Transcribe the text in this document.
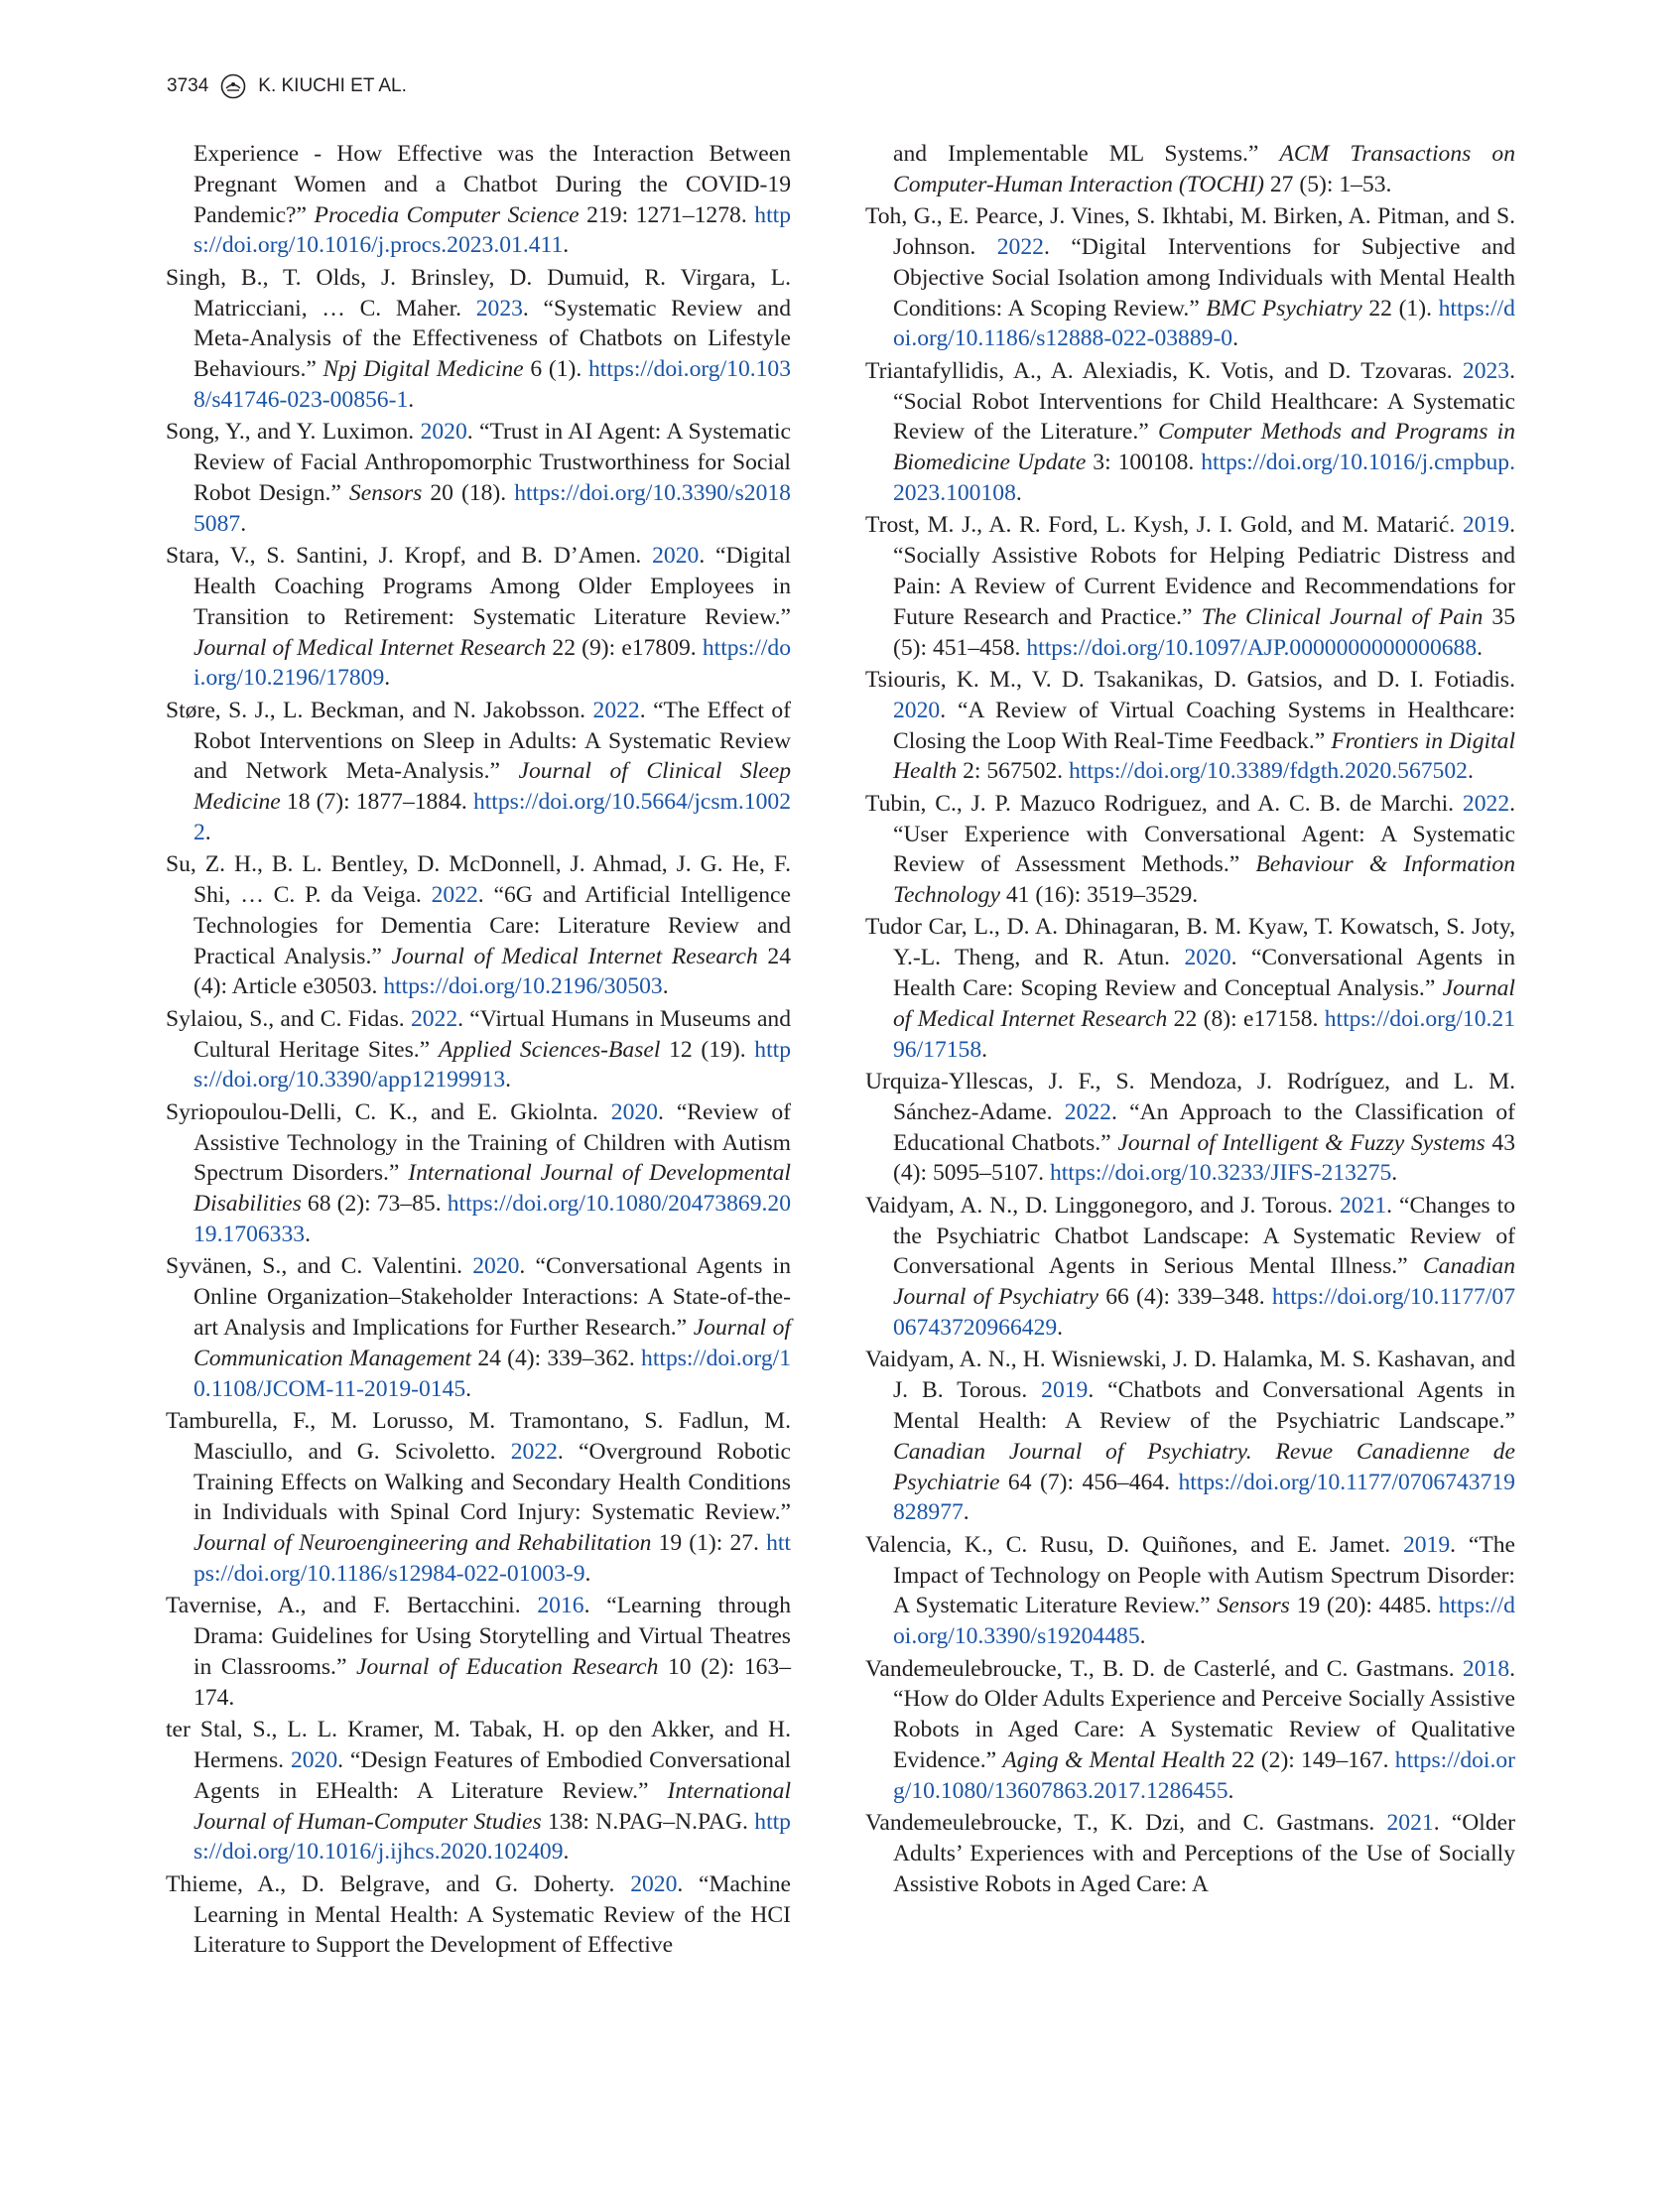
3734	K. KIUCHI ET AL.

Experience - How Effective was the Interaction Between Pregnant Women and a Chatbot During the COVID-19 Pandemic?” Procedia Computer Science 219: 1271–1278. https://doi.org/10.1016/j.procs.2023.01.411.

Singh, B., T. Olds, J. Brinsley, D. Dumuid, R. Virgara, L. Matricciani, … C. Maher. 2023. “Systematic Review and Meta-Analysis of the Effectiveness of Chatbots on Lifestyle Behaviours.” Npj Digital Medicine 6 (1). https://doi.org/10.1038/s41746-023-00856-1.

Song, Y., and Y. Luximon. 2020. “Trust in AI Agent: A Systematic Review of Facial Anthropomorphic Trustworthiness for Social Robot Design.” Sensors 20 (18). https://doi.org/10.3390/s20185087.

Stara, V., S. Santini, J. Kropf, and B. D’Amen. 2020. “Digital Health Coaching Programs Among Older Employees in Transition to Retirement: Systematic Literature Review.” Journal of Medical Internet Research 22 (9): e17809. https://doi.org/10.2196/17809.

Støre, S. J., L. Beckman, and N. Jakobsson. 2022. “The Effect of Robot Interventions on Sleep in Adults: A Systematic Review and Network Meta-Analysis.” Journal of Clinical Sleep Medicine 18 (7): 1877–1884. https://doi.org/10.5664/jcsm.10022.

Su, Z. H., B. L. Bentley, D. McDonnell, J. Ahmad, J. G. He, F. Shi, … C. P. da Veiga. 2022. “6G and Artificial Intelligence Technologies for Dementia Care: Literature Review and Practical Analysis.” Journal of Medical Internet Research 24 (4): Article e30503. https://doi.org/10.2196/30503.

Sylaiou, S., and C. Fidas. 2022. “Virtual Humans in Museums and Cultural Heritage Sites.” Applied Sciences-Basel 12 (19). https://doi.org/10.3390/app12199913.

Syriopoulou-Delli, C. K., and E. Gkiolnta. 2020. “Review of Assistive Technology in the Training of Children with Autism Spectrum Disorders.” International Journal of Developmental Disabilities 68 (2): 73–85. https://doi.org/10.1080/20473869.2019.1706333.

Syvänen, S., and C. Valentini. 2020. “Conversational Agents in Online Organization–Stakeholder Interactions: A State-of-the-art Analysis and Implications for Further Research.” Journal of Communication Management 24 (4): 339–362. https://doi.org/10.1108/JCOM-11-2019-0145.

Tamburella, F., M. Lorusso, M. Tramontano, S. Fadlun, M. Masciullo, and G. Scivoletto. 2022. “Overground Robotic Training Effects on Walking and Secondary Health Conditions in Individuals with Spinal Cord Injury: Systematic Review.” Journal of Neuroengineering and Rehabilitation 19 (1): 27. https://doi.org/10.1186/s12984-022-01003-9.

Tavernise, A., and F. Bertacchini. 2016. “Learning through Drama: Guidelines for Using Storytelling and Virtual Theatres in Classrooms.” Journal of Education Research 10 (2): 163–174.

ter Stal, S., L. L. Kramer, M. Tabak, H. op den Akker, and H. Hermens. 2020. “Design Features of Embodied Conversational Agents in EHealth: A Literature Review.” International Journal of Human-Computer Studies 138: N.PAG–N.PAG. https://doi.org/10.1016/j.ijhcs.2020.102409.

Thieme, A., D. Belgrave, and G. Doherty. 2020. “Machine Learning in Mental Health: A Systematic Review of the HCI Literature to Support the Development of Effective

and Implementable ML Systems.” ACM Transactions on Computer-Human Interaction (TOCHI) 27 (5): 1–53.

Toh, G., E. Pearce, J. Vines, S. Ikhtabi, M. Birken, A. Pitman, and S. Johnson. 2022. “Digital Interventions for Subjective and Objective Social Isolation among Individuals with Mental Health Conditions: A Scoping Review.” BMC Psychiatry 22 (1). https://doi.org/10.1186/s12888-022-03889-0.

Triantafyllidis, A., A. Alexiadis, K. Votis, and D. Tzovaras. 2023. “Social Robot Interventions for Child Healthcare: A Systematic Review of the Literature.” Computer Methods and Programs in Biomedicine Update 3: 100108. https://doi.org/10.1016/j.cmpbup.2023.100108.

Trost, M. J., A. R. Ford, L. Kysh, J. I. Gold, and M. Matarić. 2019. “Socially Assistive Robots for Helping Pediatric Distress and Pain: A Review of Current Evidence and Recommendations for Future Research and Practice.” The Clinical Journal of Pain 35 (5): 451–458. https://doi.org/10.1097/AJP.0000000000000688.

Tsiouris, K. M., V. D. Tsakanikas, D. Gatsios, and D. I. Fotiadis. 2020. “A Review of Virtual Coaching Systems in Healthcare: Closing the Loop With Real-Time Feedback.” Frontiers in Digital Health 2: 567502. https://doi.org/10.3389/fdgth.2020.567502.

Tubin, C., J. P. Mazuco Rodriguez, and A. C. B. de Marchi. 2022. “User Experience with Conversational Agent: A Systematic Review of Assessment Methods.” Behaviour & Information Technology 41 (16): 3519–3529.

Tudor Car, L., D. A. Dhinagaran, B. M. Kyaw, T. Kowatsch, S. Joty, Y.-L. Theng, and R. Atun. 2020. “Conversational Agents in Health Care: Scoping Review and Conceptual Analysis.” Journal of Medical Internet Research 22 (8): e17158. https://doi.org/10.2196/17158.

Urquiza-Yllescas, J. F., S. Mendoza, J. Rodríguez, and L. M. Sánchez-Adame. 2022. “An Approach to the Classification of Educational Chatbots.” Journal of Intelligent & Fuzzy Systems 43 (4): 5095–5107. https://doi.org/10.3233/JIFS-213275.

Vaidyam, A. N., D. Linggonegoro, and J. Torous. 2021. “Changes to the Psychiatric Chatbot Landscape: A Systematic Review of Conversational Agents in Serious Mental Illness.” Canadian Journal of Psychiatry 66 (4): 339–348. https://doi.org/10.1177/0706743720966429.

Vaidyam, A. N., H. Wisniewski, J. D. Halamka, M. S. Kashavan, and J. B. Torous. 2019. “Chatbots and Conversational Agents in Mental Health: A Review of the Psychiatric Landscape.” Canadian Journal of Psychiatry. Revue Canadienne de Psychiatrie 64 (7): 456–464. https://doi.org/10.1177/0706743719828977.

Valencia, K., C. Rusu, D. Quiñones, and E. Jamet. 2019. “The Impact of Technology on People with Autism Spectrum Disorder: A Systematic Literature Review.” Sensors 19 (20): 4485. https://doi.org/10.3390/s19204485.

Vandemeulebroucke, T., B. D. de Casterlé, and C. Gastmans. 2018. “How do Older Adults Experience and Perceive Socially Assistive Robots in Aged Care: A Systematic Review of Qualitative Evidence.” Aging & Mental Health 22 (2): 149–167. https://doi.org/10.1080/13607863.2017.1286455.

Vandemeulebroucke, T., K. Dzi, and C. Gastmans. 2021. “Older Adults’ Experiences with and Perceptions of the Use of Socially Assistive Robots in Aged Care: A
